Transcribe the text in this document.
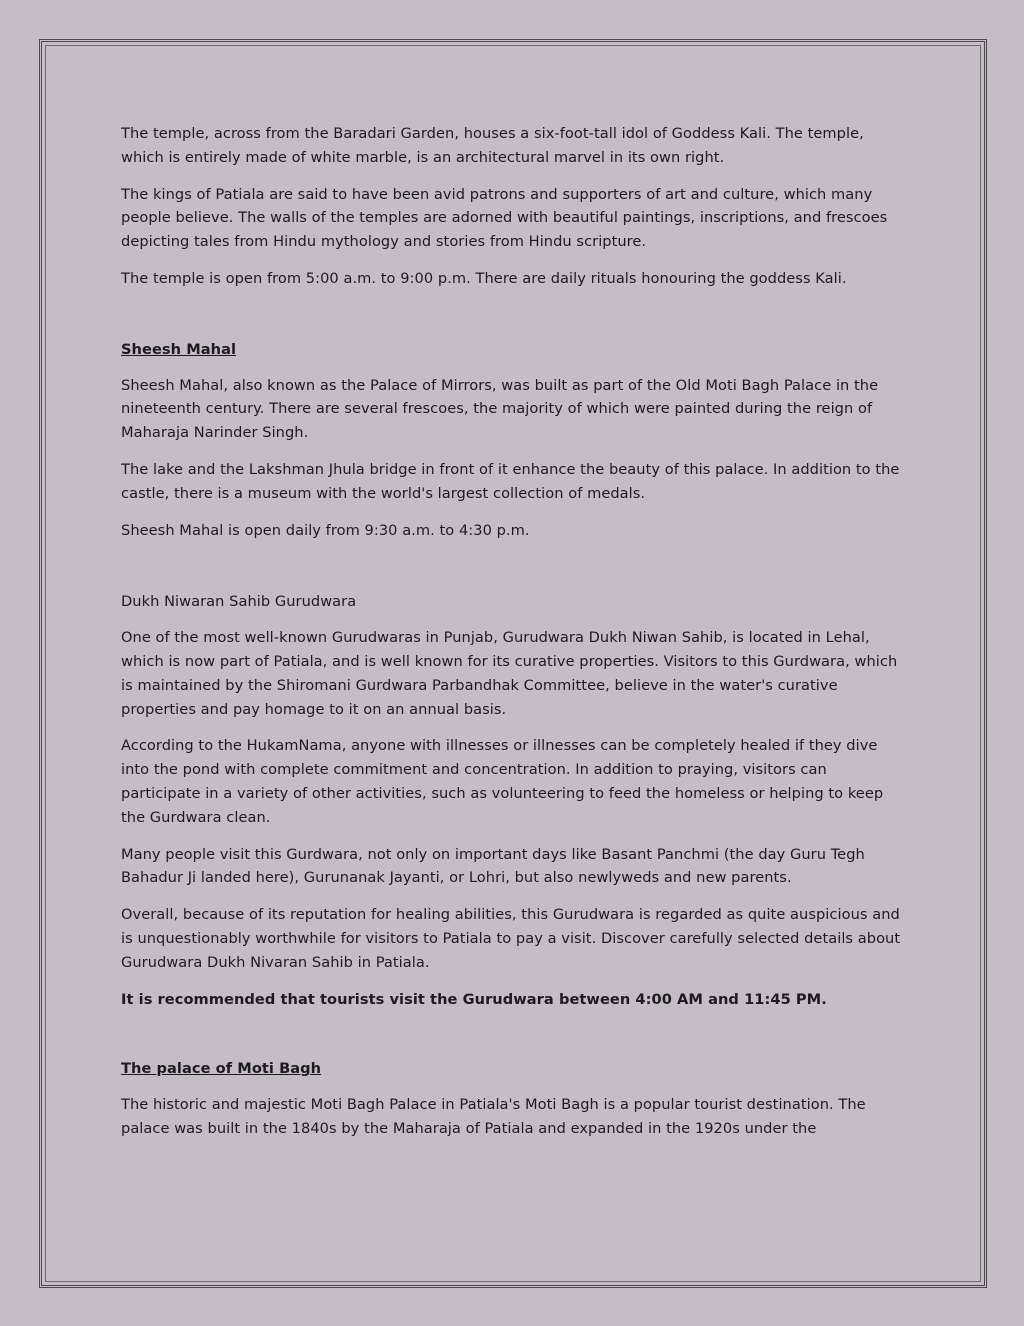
The temple, across from the Baradari Garden, houses a six-foot-tall idol of Goddess Kali. The temple, which is entirely made of white marble, is an architectural marvel in its own right.

The kings of Patiala are said to have been avid patrons and supporters of art and culture, which many people believe. The walls of the temples are adorned with beautiful paintings, inscriptions, and frescoes depicting tales from Hindu mythology and stories from Hindu scripture.

The temple is open from 5:00 a.m. to 9:00 p.m. There are daily rituals honouring the goddess Kali.

Sheesh Mahal

Sheesh Mahal, also known as the Palace of Mirrors, was built as part of the Old Moti Bagh Palace in the nineteenth century. There are several frescoes, the majority of which were painted during the reign of Maharaja Narinder Singh.

The lake and the Lakshman Jhula bridge in front of it enhance the beauty of this palace. In addition to the castle, there is a museum with the world's largest collection of medals.

Sheesh Mahal is open daily from 9:30 a.m. to 4:30 p.m.

Dukh Niwaran Sahib Gurudwara

One of the most well-known Gurudwaras in Punjab, Gurudwara Dukh Niwan Sahib, is located in Lehal, which is now part of Patiala, and is well known for its curative properties. Visitors to this Gurdwara, which is maintained by the Shiromani Gurdwara Parbandhak Committee, believe in the water's curative properties and pay homage to it on an annual basis.

According to the HukamNama, anyone with illnesses or illnesses can be completely healed if they dive into the pond with complete commitment and concentration. In addition to praying, visitors can participate in a variety of other activities, such as volunteering to feed the homeless or helping to keep the Gurdwara clean.

Many people visit this Gurdwara, not only on important days like Basant Panchmi (the day Guru Tegh Bahadur Ji landed here), Gurunanak Jayanti, or Lohri, but also newlyweds and new parents.

Overall, because of its reputation for healing abilities, this Gurudwara is regarded as quite auspicious and is unquestionably worthwhile for visitors to Patiala to pay a visit. Discover carefully selected details about Gurudwara Dukh Nivaran Sahib in Patiala.

It is recommended that tourists visit the Gurudwara between 4:00 AM and 11:45 PM.

The palace of Moti Bagh

The historic and majestic Moti Bagh Palace in Patiala's Moti Bagh is a popular tourist destination. The palace was built in the 1840s by the Maharaja of Patiala and expanded in the 1920s under the
